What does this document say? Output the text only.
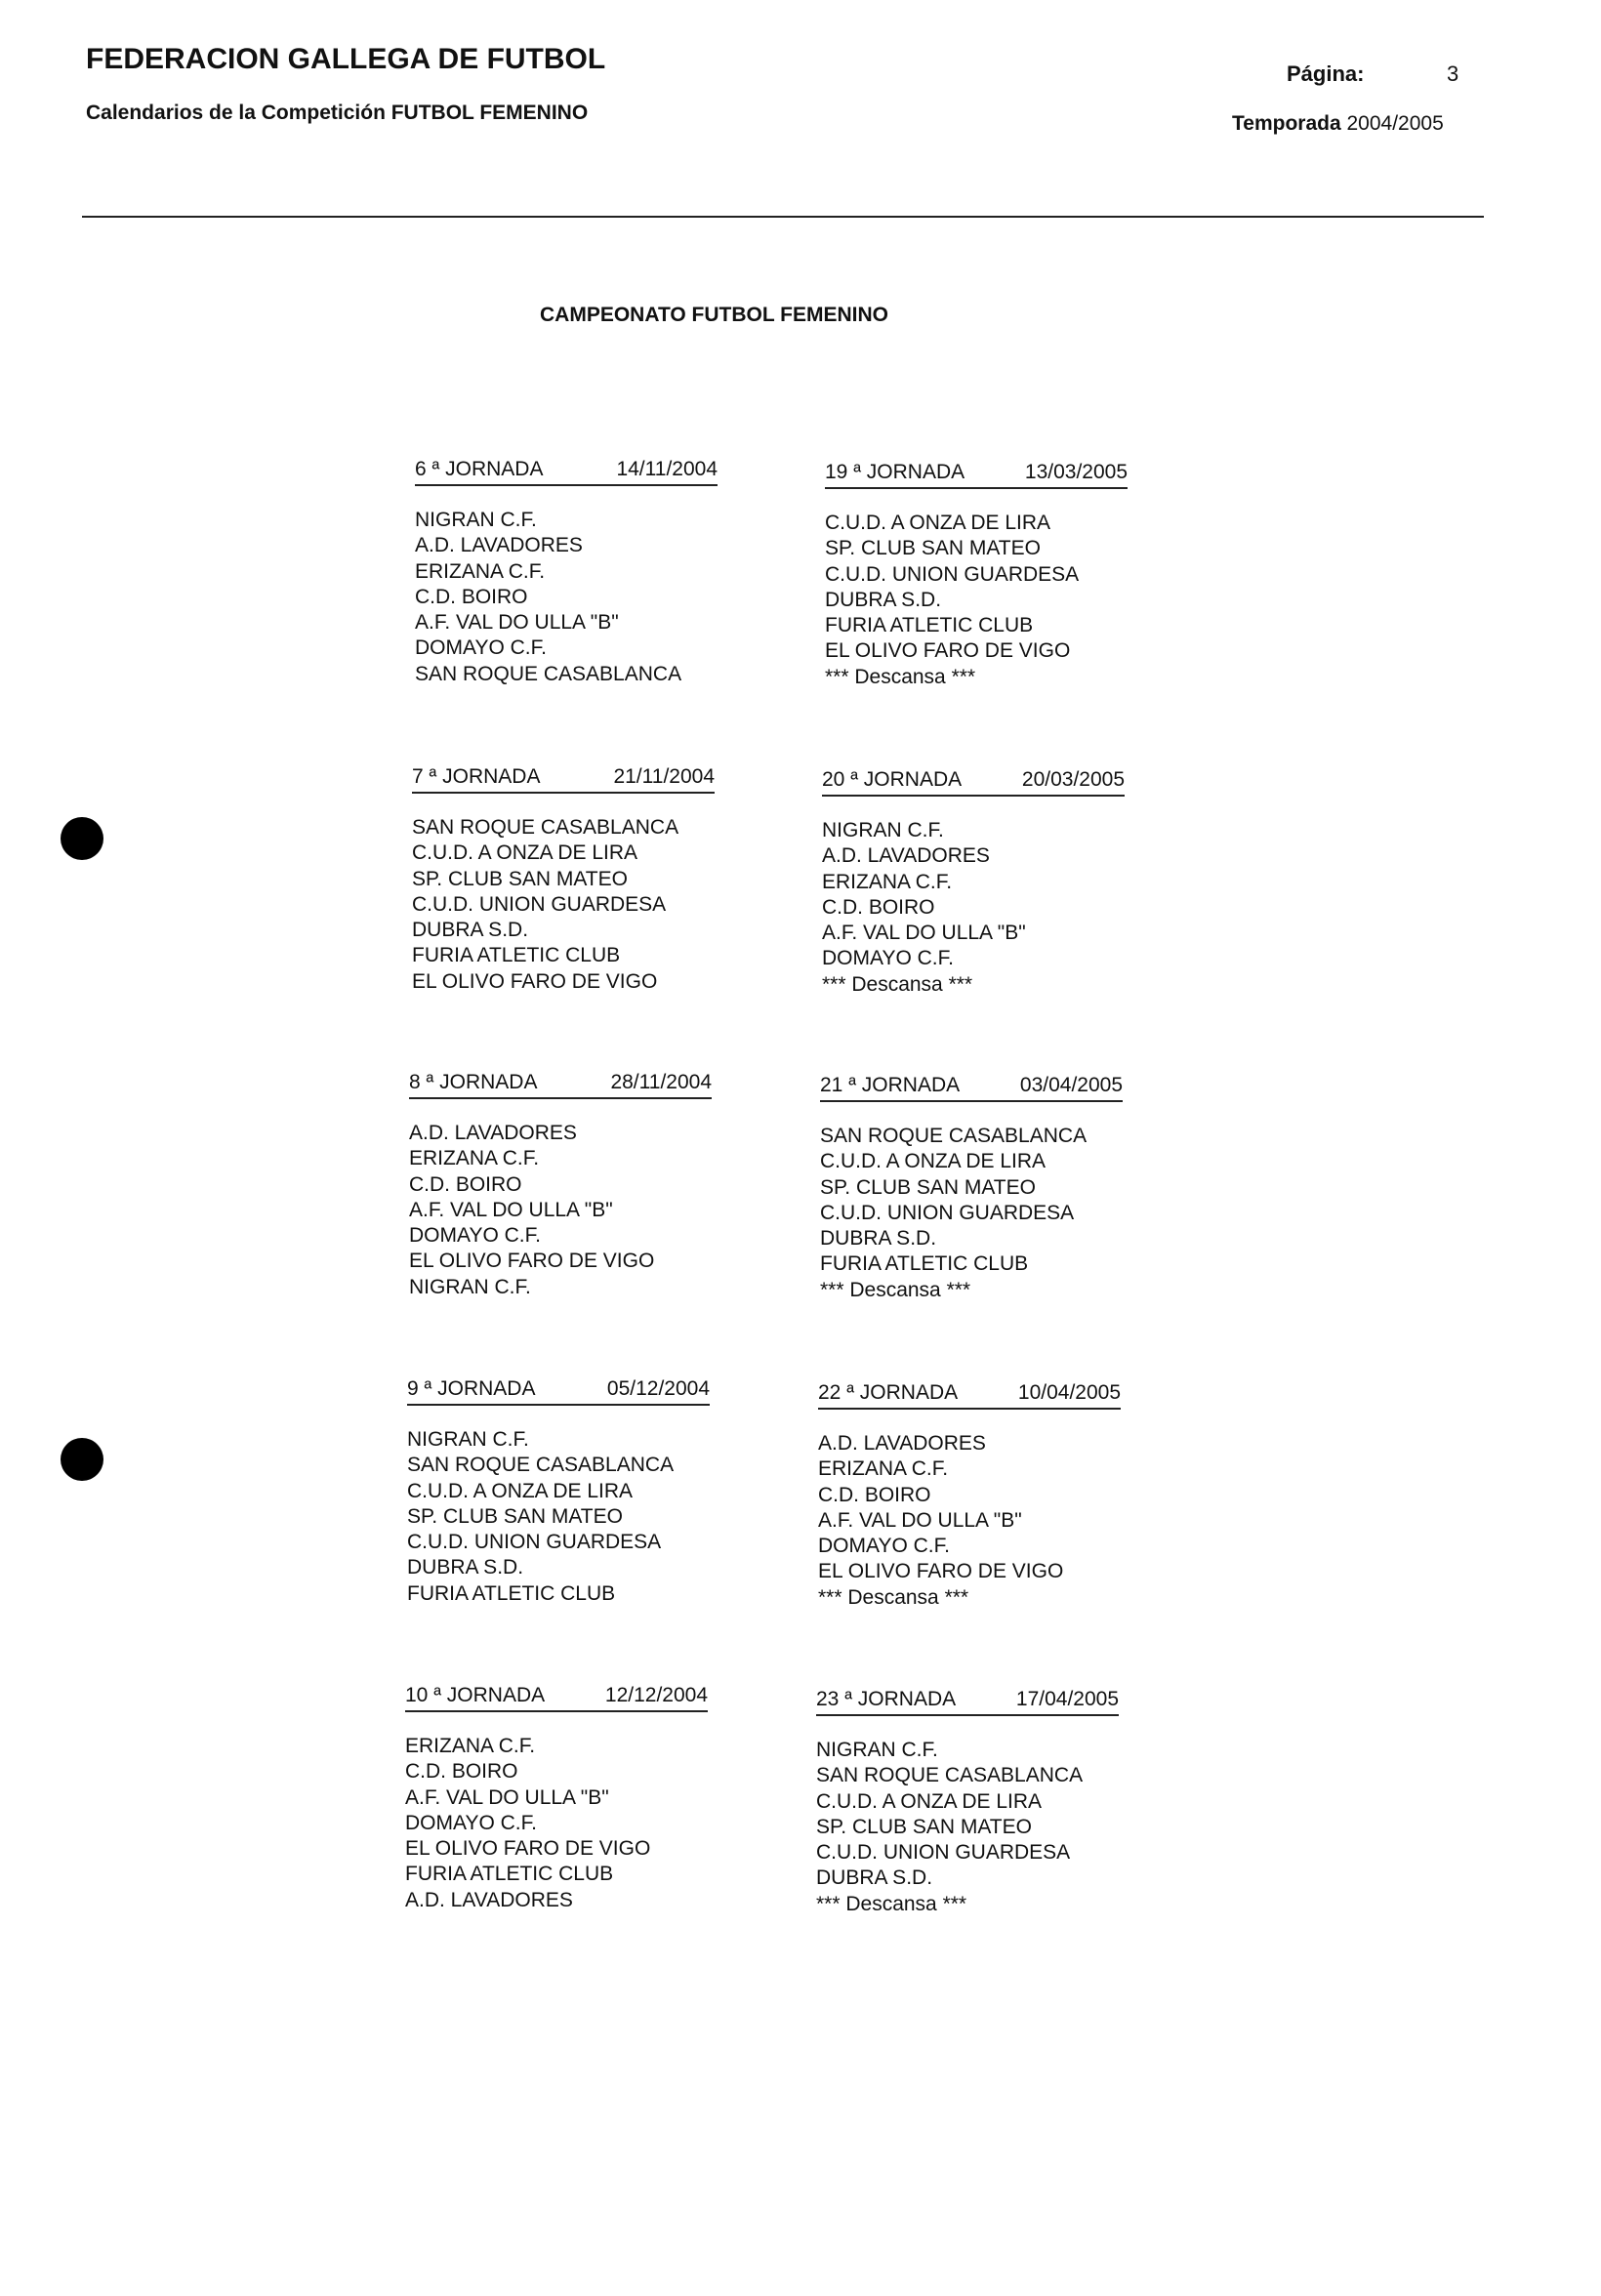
FEDERACION GALLEGA DE FUTBOL
Calendarios de la Competición FUTBOL FEMENINO
Página:	3
Temporada 2004/2005
CAMPEONATO FUTBOL FEMENINO
6 ª JORNADA	14/11/2004
NIGRAN C.F.
A.D. LAVADORES
ERIZANA C.F.
C.D. BOIRO
A.F. VAL DO ULLA "B"
DOMAYO C.F.
SAN ROQUE CASABLANCA
19 ª JORNADA	13/03/2005
C.U.D. A ONZA DE LIRA
SP. CLUB SAN MATEO
C.U.D. UNION GUARDESA
DUBRA S.D.
FURIA ATLETIC CLUB
EL OLIVO FARO DE VIGO
*** Descansa ***
7 ª JORNADA	21/11/2004
SAN ROQUE CASABLANCA
C.U.D. A ONZA DE LIRA
SP. CLUB SAN MATEO
C.U.D. UNION GUARDESA
DUBRA S.D.
FURIA ATLETIC CLUB
EL OLIVO FARO DE VIGO
20 ª JORNADA	20/03/2005
NIGRAN C.F.
A.D. LAVADORES
ERIZANA C.F.
C.D. BOIRO
A.F. VAL DO ULLA "B"
DOMAYO C.F.
*** Descansa ***
8 ª JORNADA	28/11/2004
A.D. LAVADORES
ERIZANA C.F.
C.D. BOIRO
A.F. VAL DO ULLA "B"
DOMAYO C.F.
EL OLIVO FARO DE VIGO
NIGRAN C.F.
21 ª JORNADA	03/04/2005
SAN ROQUE CASABLANCA
C.U.D. A ONZA DE LIRA
SP. CLUB SAN MATEO
C.U.D. UNION GUARDESA
DUBRA S.D.
FURIA ATLETIC CLUB
*** Descansa ***
9 ª JORNADA	05/12/2004
NIGRAN C.F.
SAN ROQUE CASABLANCA
C.U.D. A ONZA DE LIRA
SP. CLUB SAN MATEO
C.U.D. UNION GUARDESA
DUBRA S.D.
FURIA ATLETIC CLUB
22 ª JORNADA	10/04/2005
A.D. LAVADORES
ERIZANA C.F.
C.D. BOIRO
A.F. VAL DO ULLA "B"
DOMAYO C.F.
EL OLIVO FARO DE VIGO
*** Descansa ***
10 ª JORNADA	12/12/2004
ERIZANA C.F.
C.D. BOIRO
A.F. VAL DO ULLA "B"
DOMAYO C.F.
EL OLIVO FARO DE VIGO
FURIA ATLETIC CLUB
A.D. LAVADORES
23 ª JORNADA	17/04/2005
NIGRAN C.F.
SAN ROQUE CASABLANCA
C.U.D. A ONZA DE LIRA
SP. CLUB SAN MATEO
C.U.D. UNION GUARDESA
DUBRA S.D.
*** Descansa ***
